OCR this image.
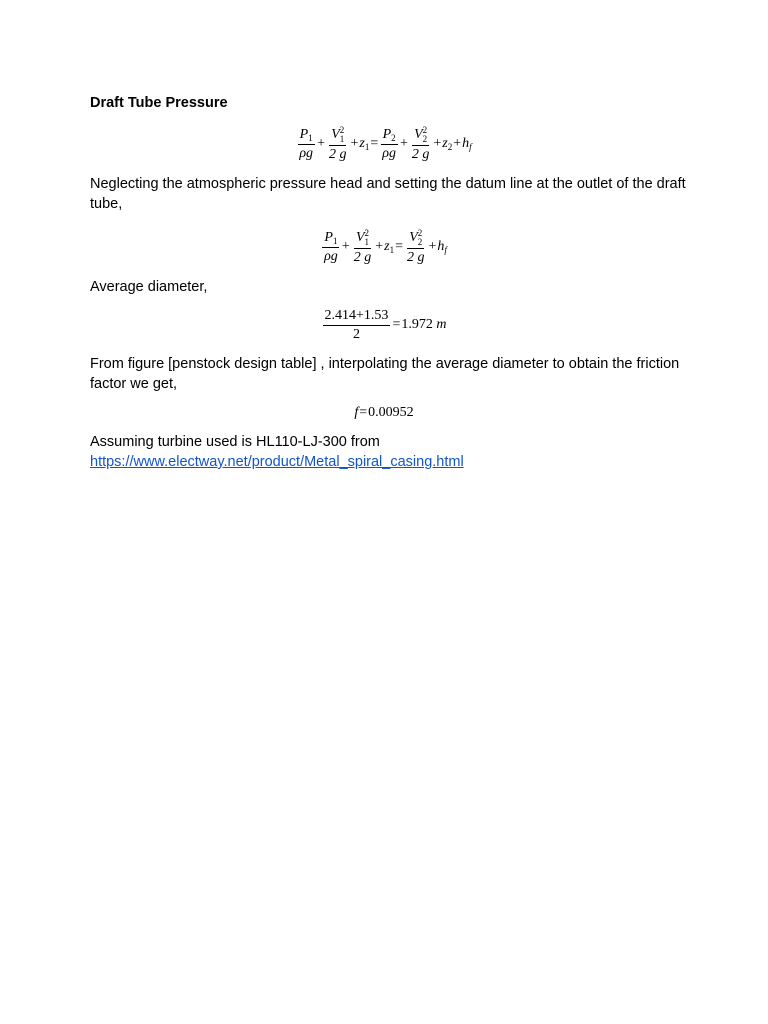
Draft Tube Pressure
$\frac{P_1}{\rho g} + V$ 2
1
2 $g + z_1 = \frac{P_2}{\rho g} + V$ 2
2
2 $g + z_2 + h_f$
Neglecting the atmospheric pressure head and setting the datum line at the outlet of the draft tube,
$\frac{P_1}{\rho g} + V$ 2
1
2 $g + z_1 = V$ 2
2
2 $g + h_f$
Average diameter,
$\frac{2.414+1.53}{2} = 1.972$
m
From figure [penstock design table] , interpolating the average diameter to obtain the friction factor we get,
f = 0.00952
Assuming turbine used is HL110-LJ-300 from
https://www.electway.net/product/Metal_spiral_casing.html
